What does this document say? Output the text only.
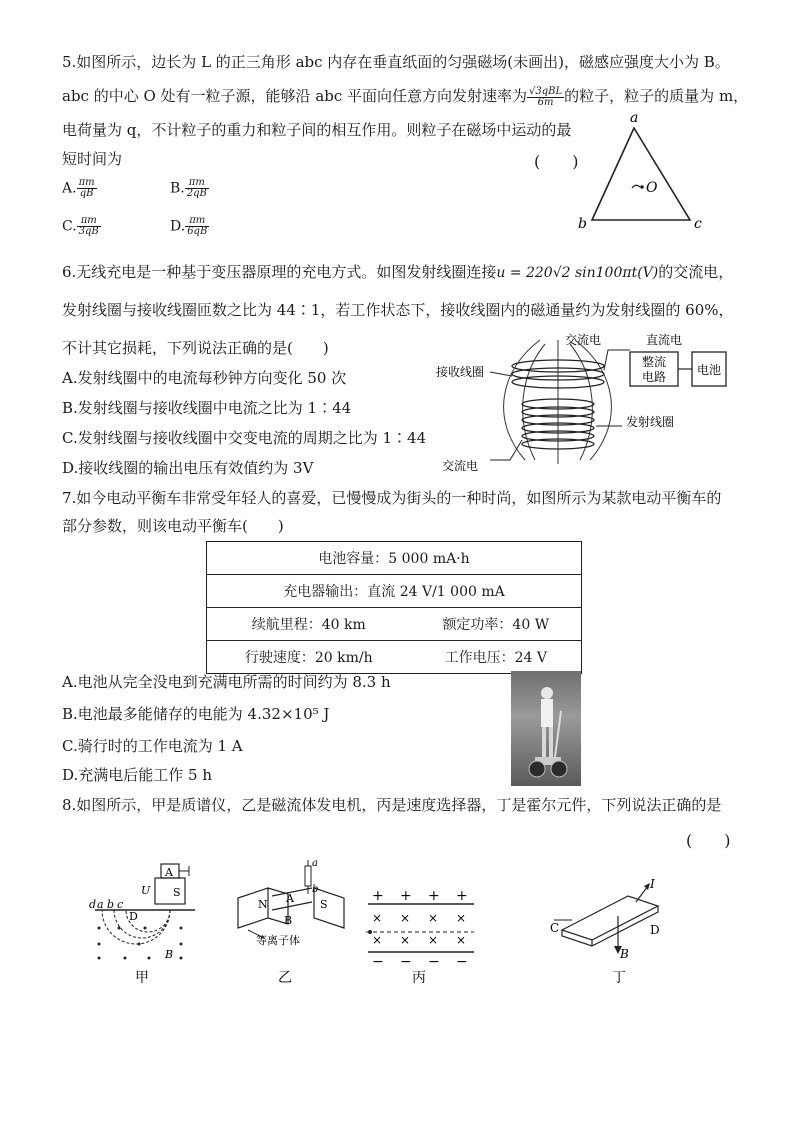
5.如图所示，边长为 L 的正三角形 abc 内存在垂直纸面的匀强磁场(未画出)，磁感应强度大小为 B。
abc 的中心 O 处有一粒子源，能够沿 abc 平面向任意方向发射速率为 $\frac{\text{√3qBL}}{6m}$ 的粒子，粒子的质量为 m，
电荷量为 q，不计粒子的重力和粒子间的相互作用。则粒子在磁场中运动的最
短时间为	(　　)
A. $\frac{\pi m}{qB}$	B. $\frac{\pi m}{2qB}$
C. $\frac{\pi m}{3qB}$	D. $\frac{\pi m}{6qB}$
a
b	c
O
6.无线充电是一种基于变压器原理的充电方式。如图发射线圈连接u = 220√2 sin100πt(V)的交流电，
发射线圈与接收线圈匝数之比为 44∶1，若工作状态下，接收线圈内的磁通量约为发射线圈的 60%，
不计其它损耗，下列说法正确的是(　　)
A.发射线圈中的电流每秒钟方向变化 50 次
B.发射线圈与接收线圈中电流之比为 1∶44
C.发射线圈与接收线圈中交变电流的周期之比为 1∶44
D.接收线圈的输出电压有效值约为 3V
交流电	直流电
接收线圈
发射线圈
交流电
整流
电路	电池
7.如今电动平衡车非常受年轻人的喜爱，已慢慢成为街头的一种时尚，如图所示为某款电动平衡车的
部分参数，则该电动平衡车(　　)
电池容量：5 000 mA·h	
充电器输出：直流 24 V/1 000 mA	
续航里程：40 km	额定功率：40 W
行驶速度：20 km/h	工作电压：24 V
A.电池从完全没电到充满电所需的时间约为 8.3 h
B.电池最多能储存的电能为 4.32×10⁵ J
C.骑行时的工作电流为 1 A
D.充满电后能工作 5 h
8.如图所示，甲是质谱仪，乙是磁流体发电机，丙是速度选择器，丁是霍尔元件，下列说法正确的是
(　　)
A
U S
a b c
d
D
B
甲
N	S
A
B
a
b
等离子体
乙
+ + + +
× × × ×
× × × ×
− − − −
丙
I
C	D
B
丁
